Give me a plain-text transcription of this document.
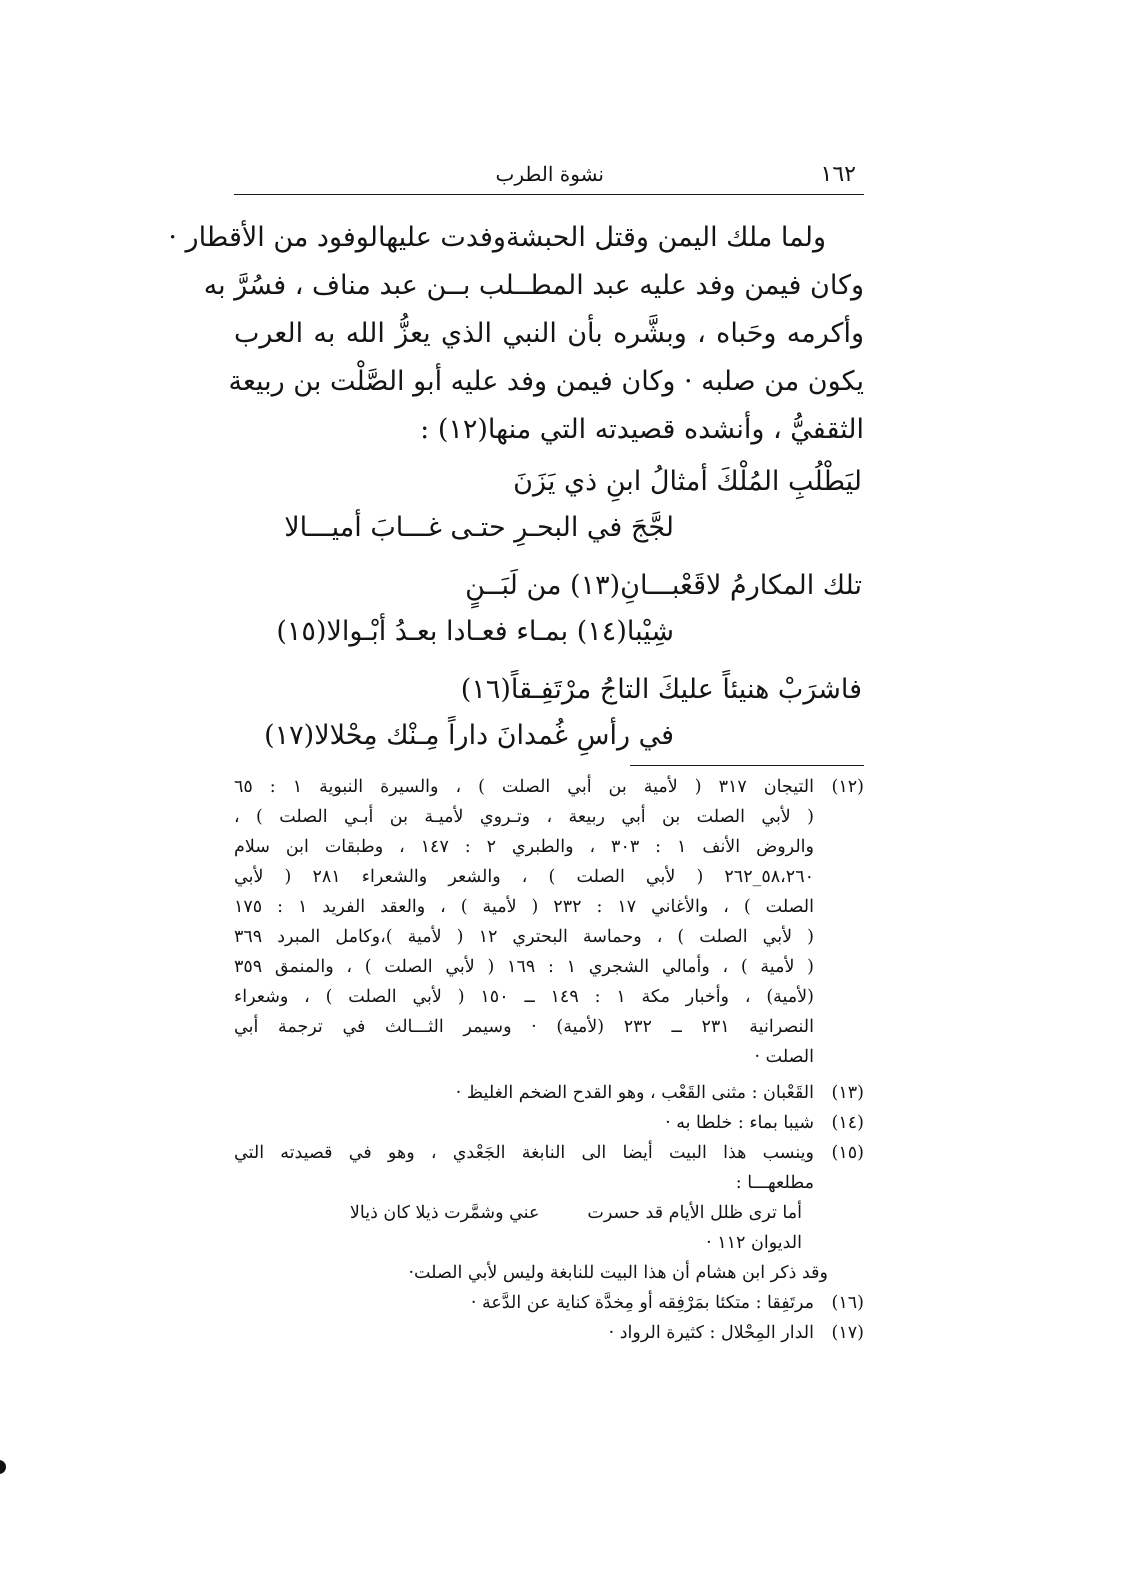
١٦٢
نشوة الطرب
ولما ملك اليمن وقتل الحبشةوفدت عليهالوفود من الأقطار ·
وكان فيمن وفد عليه عبد المطــلب بــن عبد مناف ، فسُرَّ به
وأكرمه وحَباه ، وبشَّره بأن النبي الذي يعزُّ الله به العرب
يكون من صلبه · وكان فيمن وفد عليه أبو الصَّلْت بن ربيعة
الثقفيُّ ، وأنشده قصيدته التي منها(١٢) :
ليَطْلُبِ المُلْكَ أمثالُ ابنِ ذي يَزَنَ
لجَّجَ في البحـرِ حتـى غـــابَ أميـــالا
تلك المكارمُ لاقَعْبـــانِ(١٣) من لَبَــنٍ
شِيْبا(١٤) بمـاء فعـادا بعـدُ أبْـوالا(١٥)
فاشرَبْ هنيئاً عليكَ التاجُ مرْتَفِـقاً(١٦)
في رأسِ غُمدانَ داراً مِـنْك مِحْلالا(١٧)
(١٢)
التيجان ٣١٧ ( لأمية بن أبي الصلت ) ، والسيرة النبوية ١ : ٦٥
( لأبي الصلت بن أبي ربيعة ، وتـروي لأميـة بن أبـي الصلت ) ،
والروض الأنف ١ : ٣٠٣ ، والطبري ٢ : ١٤٧ ، وطبقات ابن سلام
٥٨،٢٦٠_٢٦٢ ( لأبي الصلت ) ، والشعر والشعراء ٢٨١ ( لأبي
الصلت ) ، والأغاني ١٧ : ٢٣٢ ( لأمية ) ، والعقد الفريد ١ : ١٧٥
( لأبي الصلت ) ، وحماسة البحتري ١٢ ( لأمية )،وكامل المبرد ٣٦٩
( لأمية ) ، وأمالي الشجري ١ : ١٦٩ ( لأبي الصلت ) ، والمنمق ٣٥٩
(لأمية) ، وأخبار مكة ١ : ١٤٩ ــ ١٥٠ ( لأبي الصلت ) ، وشعراء
النصرانية ٢٣١ ــ ٢٣٢ (لأمية) · وسيمر الثـــالث في ترجمة أبي
الصلت ·
(١٣)
القَعْبان : مثنى القَعْب ، وهو القدح الضخم الغليظ ·
(١٤)
شيبا بماء : خلطا به ·
(١٥)
وينسب هذا البيت أيضا الى النابغة الجَعْدي ، وهو في قصيدته التي
مطلعهـــا :
أما ترى ظلل الأيام قد حسرتعني وشمَّرت ذيلا كان ذيالا
الديوان ١١٢ ·
وقد ذكر ابن هشام أن هذا البيت للنابغة وليس لأبي الصلت·
(١٦)
مرتَفِقا : متكئا بمَرْفِقه أو مِخدَّة كناية عن الدَّعة ·
(١٧)
الدار المِحْلال : كثيرة الرواد ·
